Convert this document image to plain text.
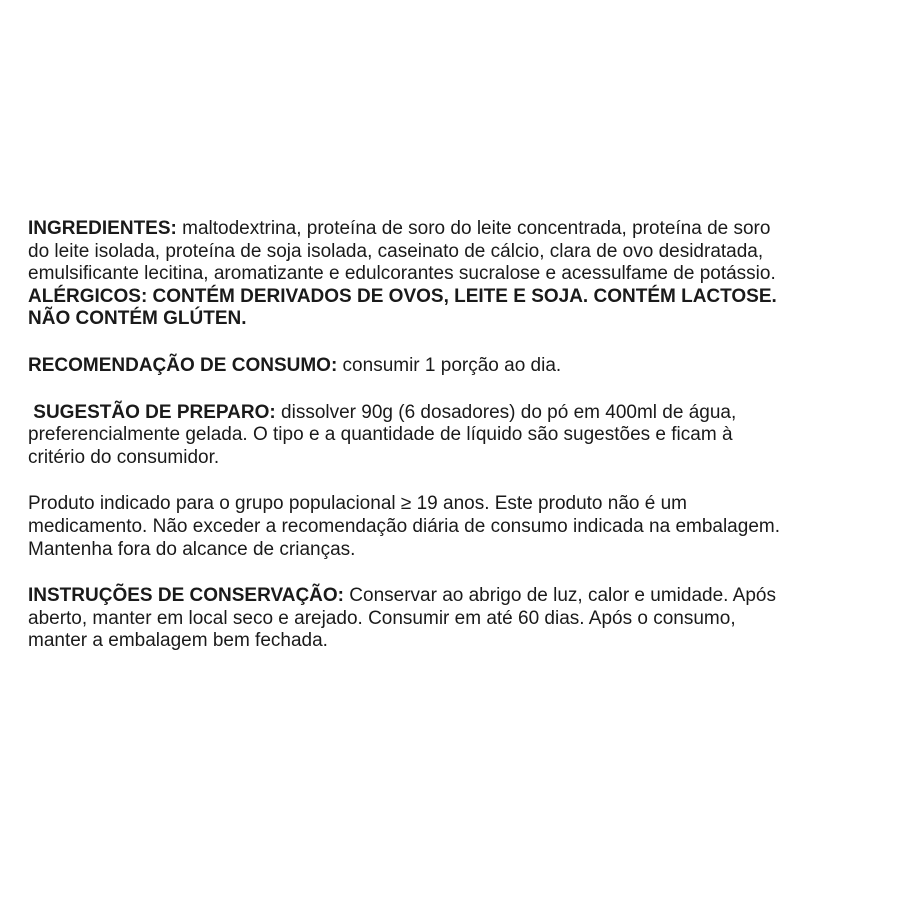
INGREDIENTES: maltodextrina, proteína de soro do leite concentrada, proteína de soro
do leite isolada, proteína de soja isolada, caseinato de cálcio, clara de ovo desidratada,
emulsificante lecitina, aromatizante e edulcorantes sucralose e acessulfame de potássio.
ALÉRGICOS: CONTÉM DERIVADOS DE OVOS, LEITE E SOJA. CONTÉM LACTOSE.
NÃO CONTÉM GLÚTEN.
RECOMENDAÇÃO DE CONSUMO: consumir 1 porção ao dia.
SUGESTÃO DE PREPARO: dissolver 90g (6 dosadores) do pó em 400ml de água,
preferencialmente gelada. O tipo e a quantidade de líquido são sugestões e ficam à
critério do consumidor.
Produto indicado para o grupo populacional ≥ 19 anos. Este produto não é um
medicamento. Não exceder a recomendação diária de consumo indicada na embalagem.
Mantenha fora do alcance de crianças.
INSTRUÇÕES DE CONSERVAÇÃO: Conservar ao abrigo de luz, calor e umidade. Após
aberto, manter em local seco e arejado. Consumir em até 60 dias. Após o consumo,
manter a embalagem bem fechada.
